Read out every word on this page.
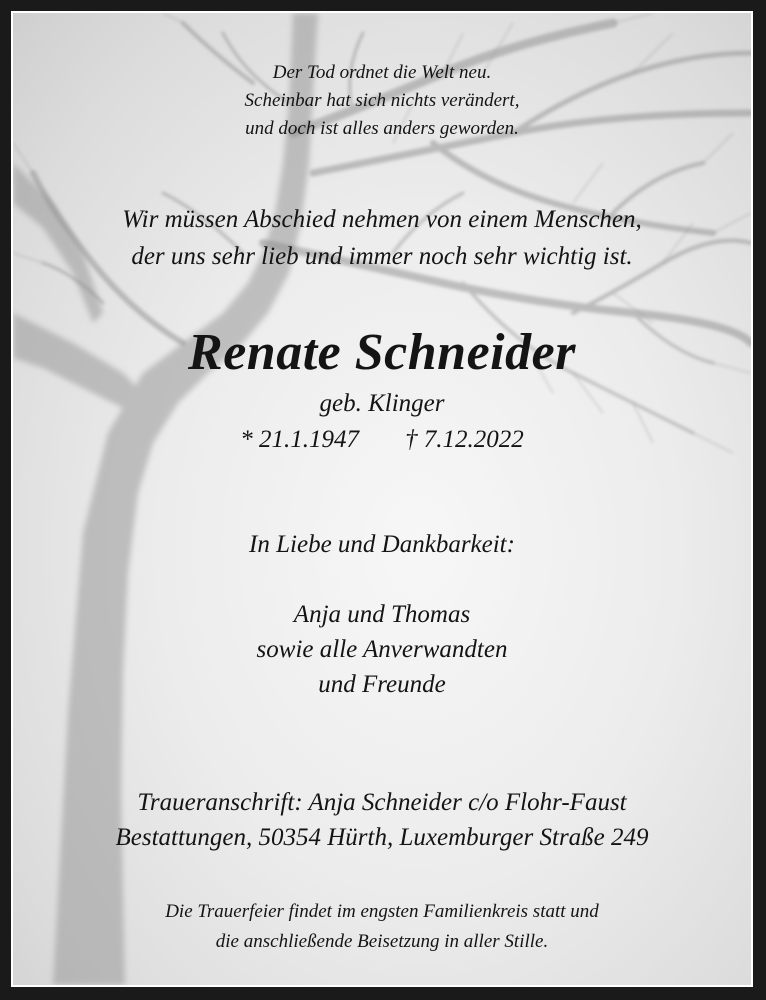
Der Tod ordnet die Welt neu.
Scheinbar hat sich nichts verändert,
und doch ist alles anders geworden.
Wir müssen Abschied nehmen von einem Menschen,
der uns sehr lieb und immer noch sehr wichtig ist.
Renate Schneider
geb. Klinger
* 21.1.1947 † 7.12.2022
In Liebe und Dankbarkeit:
Anja und Thomas
sowie alle Anverwandten
und Freunde
Traueranschrift: Anja Schneider c/o Flohr-Faust
Bestattungen, 50354 Hürth, Luxemburger Straße 249
Die Trauerfeier findet im engsten Familienkreis statt und
die anschließende Beisetzung in aller Stille.
